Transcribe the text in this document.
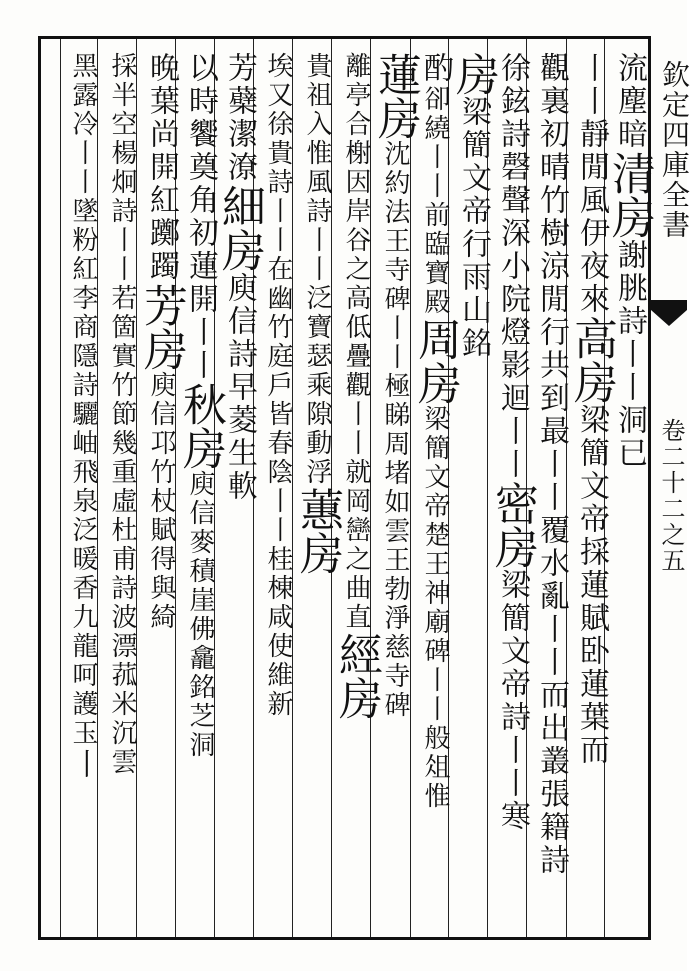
欽定四庫全書
卷二十二之五
流塵暗清房謝朓詩丨丨洞已
丨丨靜閒風伊夜來高房梁簡文帝採蓮賦卧蓮葉而
觀裏初晴竹樹涼閒行共到最丨丨覆水亂丨丨而出叢張籍詩
徐鉉詩磬聲深小院燈影迴丨丨密房梁簡文帝詩丨丨寒
房梁簡文帝行雨山銘
酌卻繞丨丨前臨寶殿周房梁簡文帝楚王神廟碑丨丨般俎惟
蓮房沈約法王寺碑丨丨極睇周堵如雲王勃淨慈寺碑
離亭合榭因岸谷之高低疊觀丨丨就岡巒之曲直經房
貴祖入惟風詩丨丨泛寶瑟乘隙動浮蕙房
埃又徐貴詩丨丨在幽竹庭戶皆春陰丨丨桂棟咸使維新
芳蘗潔潦細房庾信詩早菱生軟
以時饗奠角初蓮開丨丨秋房庾信麥積崖佛龕銘芝洞
晚葉尚開紅躑躅芳房庾信邛竹杖賦得與綺
採半空楊炯詩丨丨若箇實竹節幾重虛杜甫詩波漂菰米沉雲
黑露冷丨丨墜粉紅李商隱詩驪岫飛泉泛暖香九龍呵護玉丨
